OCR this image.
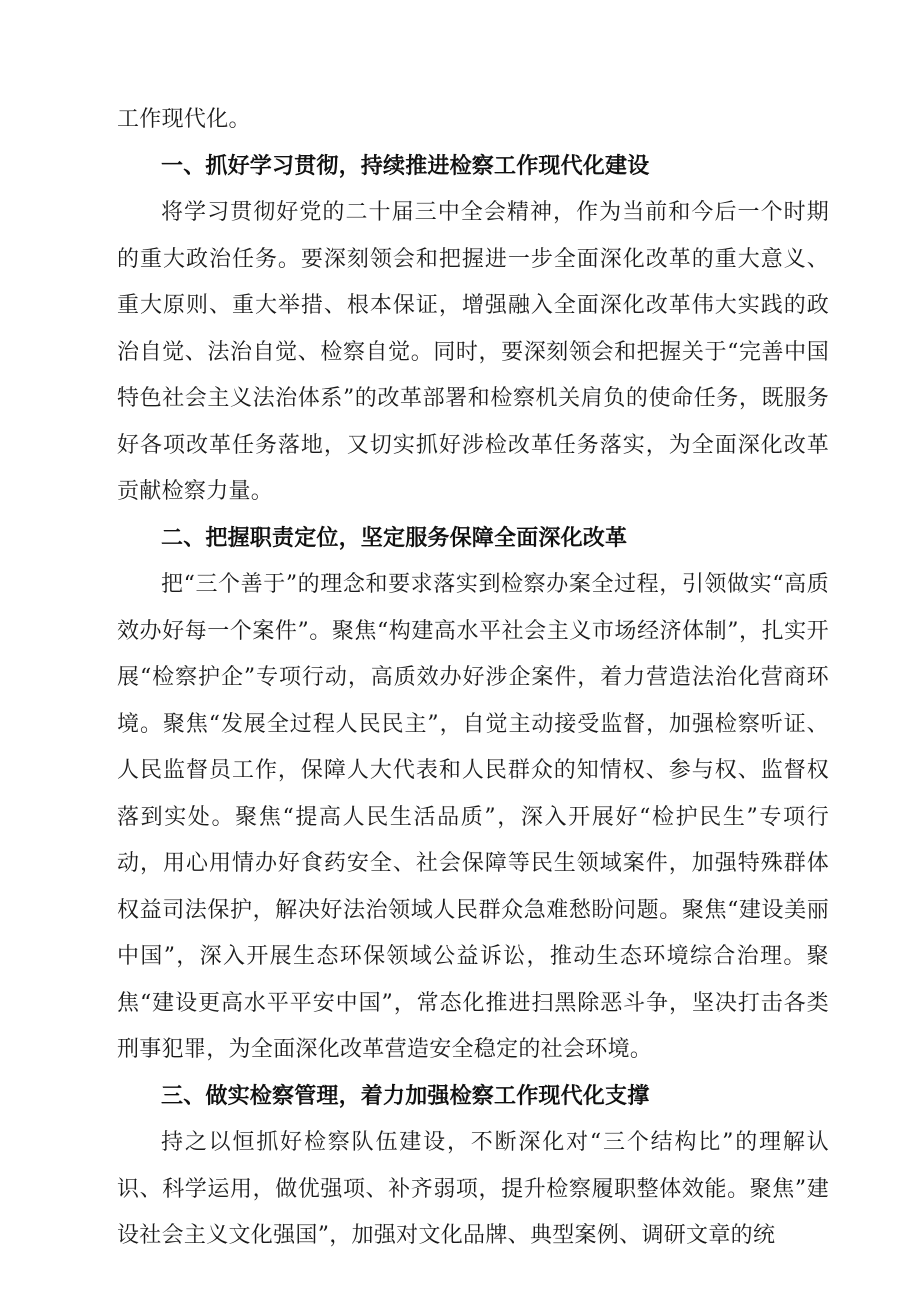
工作现代化。

一、抓好学习贯彻，持续推进检察工作现代化建设

将学习贯彻好党的二十届三中全会精神，作为当前和今后一个时期的重大政治任务。要深刻领会和把握进一步全面深化改革的重大意义、重大原则、重大举措、根本保证，增强融入全面深化改革伟大实践的政治自觉、法治自觉、检察自觉。同时，要深刻领会和把握关于“完善中国特色社会主义法治体系”的改革部署和检察机关肩负的使命任务，既服务好各项改革任务落地，又切实抓好涉检改革任务落实，为全面深化改革贡献检察力量。

二、把握职责定位，坚定服务保障全面深化改革

把“三个善于”的理念和要求落实到检察办案全过程，引领做实“高质效办好每一个案件”。聚焦“构建高水平社会主义市场经济体制”，扎实开展“检察护企”专项行动，高质效办好涉企案件，着力营造法治化营商环境。聚焦“发展全过程人民民主”，自觉主动接受监督，加强检察听证、人民监督员工作，保障人大代表和人民群众的知情权、参与权、监督权落到实处。聚焦“提高人民生活品质”，深入开展好“检护民生”专项行动，用心用情办好食药安全、社会保障等民生领域案件，加强特殊群体权益司法保护，解决好法治领域人民群众急难愁盼问题。聚焦“建设美丽中国”，深入开展生态环保领域公益诉讼，推动生态环境综合治理。聚焦“建设更高水平平安中国”，常态化推进扫黑除恶斗争，坚决打击各类刑事犯罪，为全面深化改革营造安全稳定的社会环境。

三、做实检察管理，着力加强检察工作现代化支撑

持之以恒抓好检察队伍建设，不断深化对“三个结构比”的理解认识、科学运用，做优强项、补齐弱项，提升检察履职整体效能。聚焦”建设社会主义文化强国”，加强对文化品牌、典型案例、调研文章的统
